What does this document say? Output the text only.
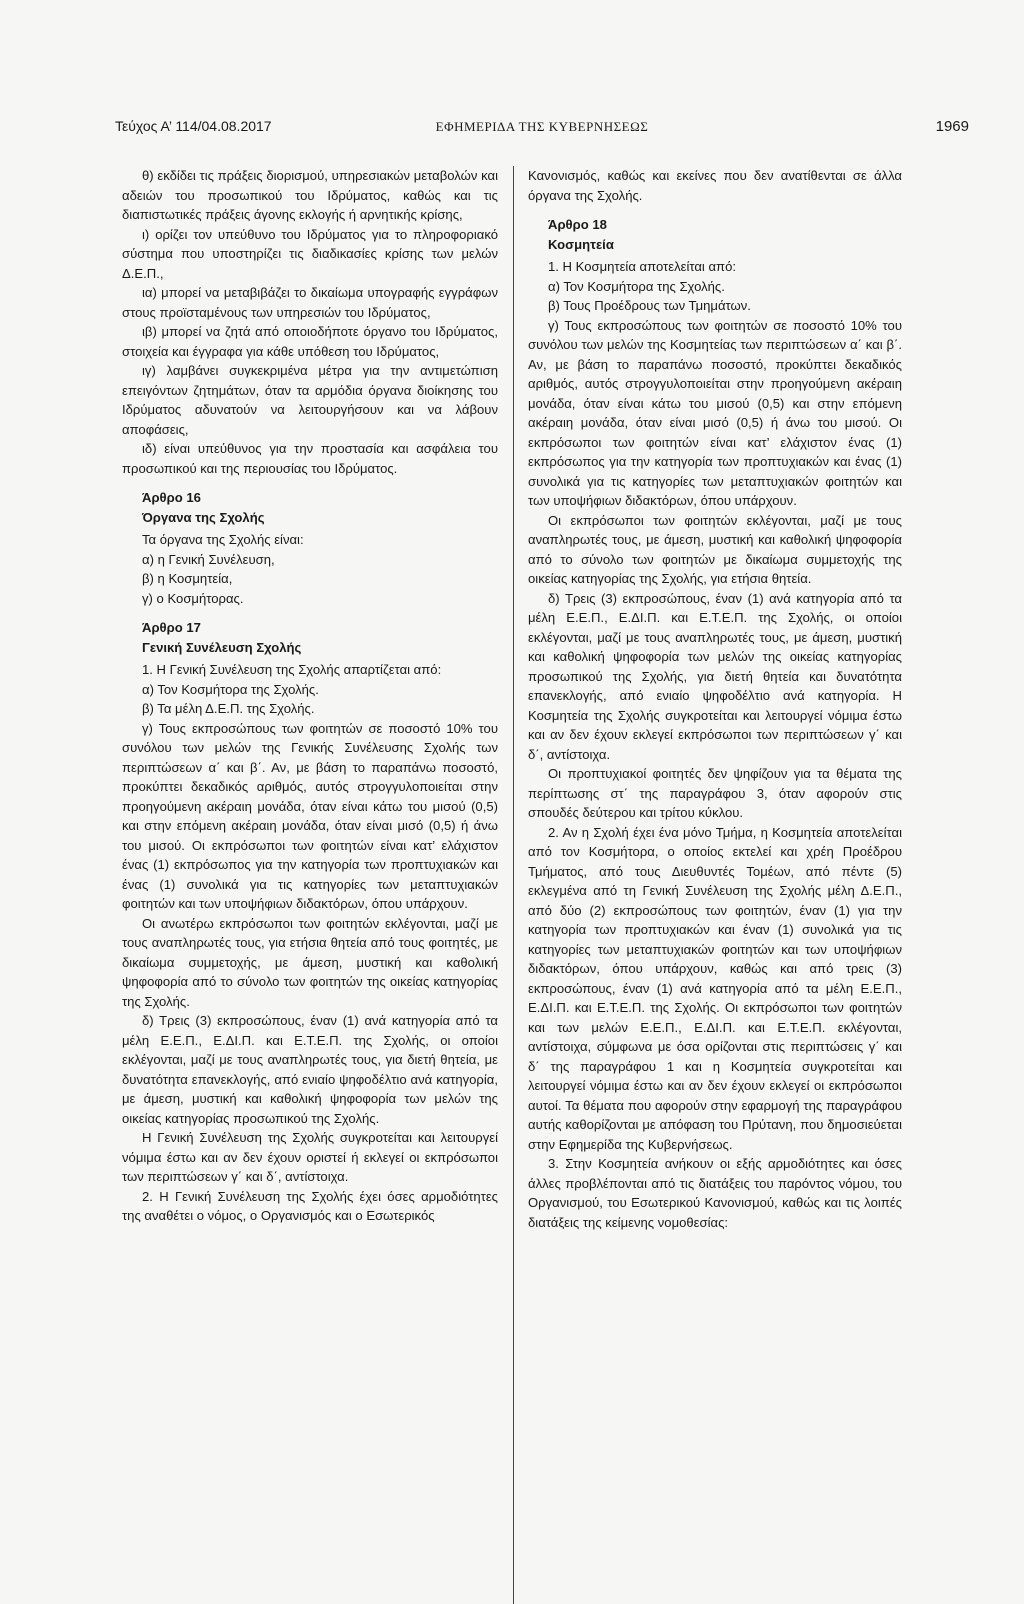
Τεύχος Α’ 114/04.08.2017	ΕΦΗΜΕΡΙΔΑ ΤΗΣ ΚΥΒΕΡΝΗΣΕΩΣ	1969

θ) εκδίδει τις πράξεις διορισμού, υπηρεσιακών μεταβολών και αδειών του προσωπικού του Ιδρύματος, καθώς και τις διαπιστωτικές πράξεις άγονης εκλογής ή αρνητικής κρίσης,

ι) ορίζει τον υπεύθυνο του Ιδρύματος για το πληροφοριακό σύστημα που υποστηρίζει τις διαδικασίες κρίσης των μελών Δ.Ε.Π.,

ια) μπορεί να μεταβιβάζει το δικαίωμα υπογραφής εγγράφων στους προϊσταμένους των υπηρεσιών του Ιδρύματος,

ιβ) μπορεί να ζητά από οποιοδήποτε όργανο του Ιδρύματος, στοιχεία και έγγραφα για κάθε υπόθεση του Ιδρύματος,

ιγ) λαμβάνει συγκεκριμένα μέτρα για την αντιμετώπιση επειγόντων ζητημάτων, όταν τα αρμόδια όργανα διοίκησης του Ιδρύματος αδυνατούν να λειτουργήσουν και να λάβουν αποφάσεις,

ιδ) είναι υπεύθυνος για την προστασία και ασφάλεια του προσωπικού και της περιουσίας του Ιδρύματος.

Άρθρο 16

Όργανα της Σχολής

Τα όργανα της Σχολής είναι:

α) η Γενική Συνέλευση,

β) η Κοσμητεία,

γ) ο Κοσμήτορας.

Άρθρο 17

Γενική Συνέλευση Σχολής

1. Η Γενική Συνέλευση της Σχολής απαρτίζεται από:

α) Τον Κοσμήτορα της Σχολής.

β) Τα μέλη Δ.Ε.Π. της Σχολής.

γ) Τους εκπροσώπους των φοιτητών σε ποσοστό 10% του συνόλου των μελών της Γενικής Συνέλευσης Σχολής των περιπτώσεων α΄ και β΄. Αν, με βάση το παραπάνω ποσοστό, προκύπτει δεκαδικός αριθμός, αυτός στρογγυλοποιείται στην προηγούμενη ακέραιη μονάδα, όταν είναι κάτω του μισού (0,5) και στην επόμενη ακέραιη μονάδα, όταν είναι μισό (0,5) ή άνω του μισού. Οι εκπρόσωποι των φοιτητών είναι κατ’ ελάχιστον ένας (1) εκπρόσωπος για την κατηγορία των προπτυχιακών και ένας (1) συνολικά για τις κατηγορίες των μεταπτυχιακών φοιτητών και των υποψήφιων διδακτόρων, όπου υπάρχουν.

Οι ανωτέρω εκπρόσωποι των φοιτητών εκλέγονται, μαζί με τους αναπληρωτές τους, για ετήσια θητεία από τους φοιτητές, με δικαίωμα συμμετοχής, με άμεση, μυστική και καθολική ψηφοφορία από το σύνολο των φοιτητών της οικείας κατηγορίας της Σχολής.

δ) Τρεις (3) εκπροσώπους, έναν (1) ανά κατηγορία από τα μέλη Ε.Ε.Π., Ε.ΔΙ.Π. και Ε.Τ.Ε.Π. της Σχολής, οι οποίοι εκλέγονται, μαζί με τους αναπληρωτές τους, για διετή θητεία, με δυνατότητα επανεκλογής, από ενιαίο ψηφοδέλτιο ανά κατηγορία, με άμεση, μυστική και καθολική ψηφοφορία των μελών της οικείας κατηγορίας προσωπικού της Σχολής.

Η Γενική Συνέλευση της Σχολής συγκροτείται και λειτουργεί νόμιμα έστω και αν δεν έχουν οριστεί ή εκλεγεί οι εκπρόσωποι των περιπτώσεων γ΄ και δ΄, αντίστοιχα.

2. Η Γενική Συνέλευση της Σχολής έχει όσες αρμοδιότητες της αναθέτει ο νόμος, ο Οργανισμός και ο Εσωτερικός

Κανονισμός, καθώς και εκείνες που δεν ανατίθενται σε άλλα όργανα της Σχολής.

Άρθρο 18

Κοσμητεία

1. Η Κοσμητεία αποτελείται από:

α) Τον Κοσμήτορα της Σχολής.

β) Τους Προέδρους των Τμημάτων.

γ) Τους εκπροσώπους των φοιτητών σε ποσοστό 10% του συνόλου των μελών της Κοσμητείας των περιπτώσεων α΄ και β΄. Αν, με βάση το παραπάνω ποσοστό, προκύπτει δεκαδικός αριθμός, αυτός στρογγυλοποιείται στην προηγούμενη ακέραιη μονάδα, όταν είναι κάτω του μισού (0,5) και στην επόμενη ακέραιη μονάδα, όταν είναι μισό (0,5) ή άνω του μισού. Οι εκπρόσωποι των φοιτητών είναι κατ’ ελάχιστον ένας (1) εκπρόσωπος για την κατηγορία των προπτυχιακών και ένας (1) συνολικά για τις κατηγορίες των μεταπτυχιακών φοιτητών και των υποψήφιων διδακτόρων, όπου υπάρχουν.

Οι εκπρόσωποι των φοιτητών εκλέγονται, μαζί με τους αναπληρωτές τους, με άμεση, μυστική και καθολική ψηφοφορία από το σύνολο των φοιτητών με δικαίωμα συμμετοχής της οικείας κατηγορίας της Σχολής, για ετήσια θητεία.

δ) Τρεις (3) εκπροσώπους, έναν (1) ανά κατηγορία από τα μέλη Ε.Ε.Π., Ε.ΔΙ.Π. και Ε.Τ.Ε.Π. της Σχολής, οι οποίοι εκλέγονται, μαζί με τους αναπληρωτές τους, με άμεση, μυστική και καθολική ψηφοφορία των μελών της οικείας κατηγορίας προσωπικού της Σχολής, για διετή θητεία και δυνατότητα επανεκλογής, από ενιαίο ψηφοδέλτιο ανά κατηγορία. Η Κοσμητεία της Σχολής συγκροτείται και λειτουργεί νόμιμα έστω και αν δεν έχουν εκλεγεί εκπρόσωποι των περιπτώσεων γ΄ και δ΄, αντίστοιχα.

Οι προπτυχιακοί φοιτητές δεν ψηφίζουν για τα θέματα της περίπτωσης στ΄ της παραγράφου 3, όταν αφορούν στις σπουδές δεύτερου και τρίτου κύκλου.

2. Αν η Σχολή έχει ένα μόνο Τμήμα, η Κοσμητεία αποτελείται από τον Κοσμήτορα, ο οποίος εκτελεί και χρέη Προέδρου Τμήματος, από τους Διευθυντές Τομέων, από πέντε (5) εκλεγμένα από τη Γενική Συνέλευση της Σχολής μέλη Δ.Ε.Π., από δύο (2) εκπροσώπους των φοιτητών, έναν (1) για την κατηγορία των προπτυχιακών και έναν (1) συνολικά για τις κατηγορίες των μεταπτυχιακών φοιτητών και των υποψήφιων διδακτόρων, όπου υπάρχουν, καθώς και από τρεις (3) εκπροσώπους, έναν (1) ανά κατηγορία από τα μέλη Ε.Ε.Π., Ε.ΔΙ.Π. και Ε.Τ.Ε.Π. της Σχολής. Οι εκπρόσωποι των φοιτητών και των μελών Ε.Ε.Π., Ε.ΔΙ.Π. και Ε.Τ.Ε.Π. εκλέγονται, αντίστοιχα, σύμφωνα με όσα ορίζονται στις περιπτώσεις γ΄ και δ΄ της παραγράφου 1 και η Κοσμητεία συγκροτείται και λειτουργεί νόμιμα έστω και αν δεν έχουν εκλεγεί οι εκπρόσωποι αυτοί. Τα θέματα που αφορούν στην εφαρμογή της παραγράφου αυτής καθορίζονται με απόφαση του Πρύτανη, που δημοσιεύεται στην Εφημερίδα της Κυβερνήσεως.

3. Στην Κοσμητεία ανήκουν οι εξής αρμοδιότητες και όσες άλλες προβλέπονται από τις διατάξεις του παρόντος νόμου, του Οργανισμού, του Εσωτερικού Κανονισμού, καθώς και τις λοιπές διατάξεις της κείμενης νομοθεσίας:
